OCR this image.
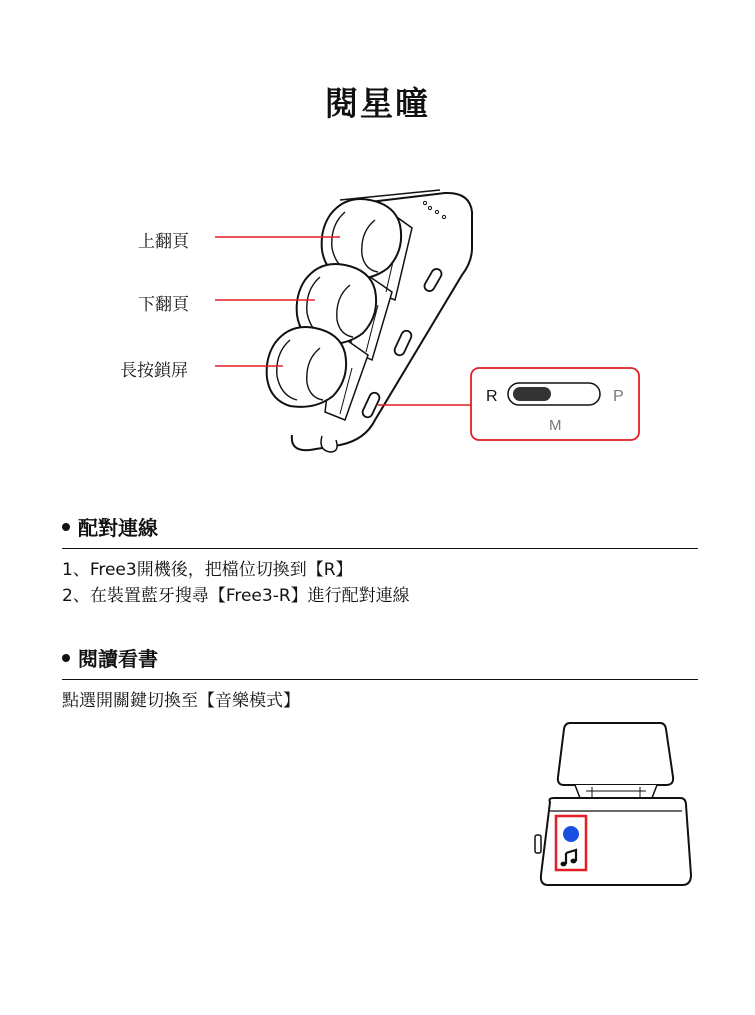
閱星曈
R	P
M
上翻頁
下翻頁
長按鎖屏
配對連線
1、Free3開機後，把檔位切換到【R】
2、在裝置藍牙搜尋【Free3-R】進行配對連線
閱讀看書
點選開關鍵切換至【音樂模式】
